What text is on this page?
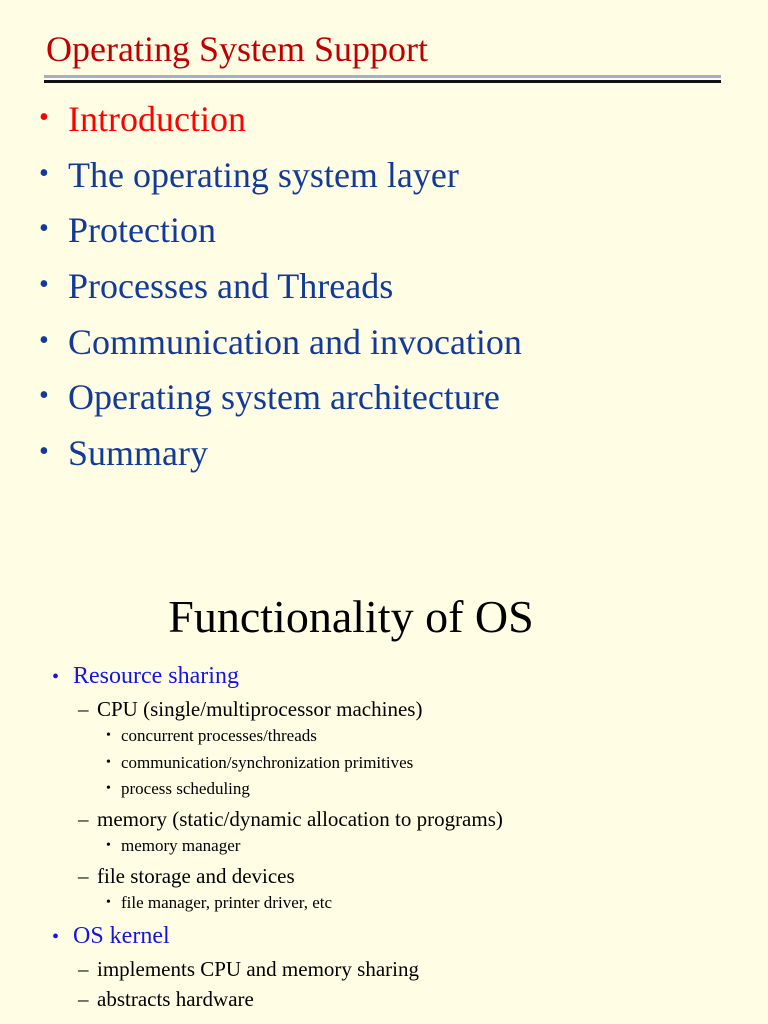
Operating System Support
• Introduction
• The operating system layer
• Protection
• Processes and Threads
• Communication and invocation
• Operating system architecture
• Summary
Functionality of OS
• Resource sharing
– CPU (single/multiprocessor machines)
• concurrent processes/threads
• communication/synchronization primitives
• process scheduling
– memory (static/dynamic allocation to programs)
• memory manager
– file storage and devices
• file manager, printer driver, etc
• OS kernel
– implements CPU and memory sharing
– abstracts hardware
